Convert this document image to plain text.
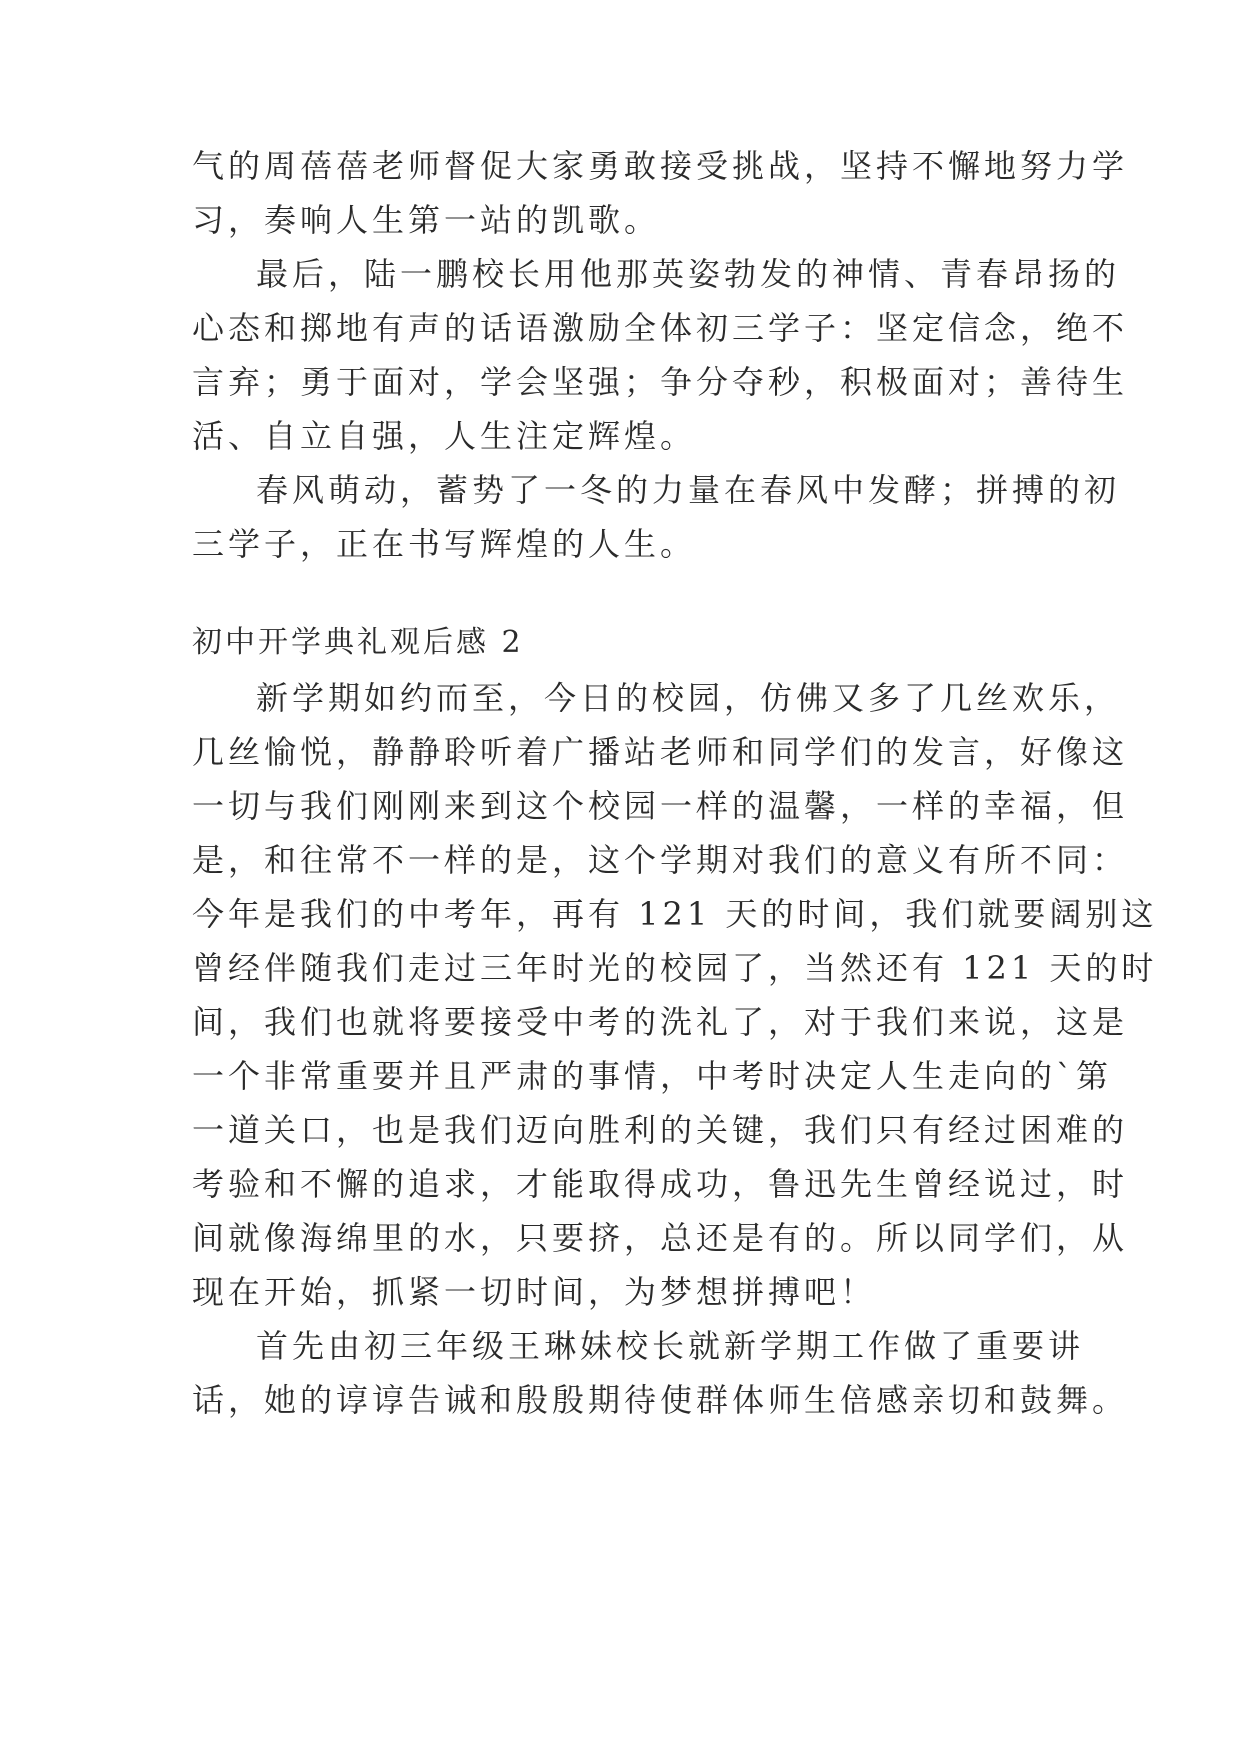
气的周蓓蓓老师督促大家勇敢接受挑战，坚持不懈地努力学
习，奏响人生第一站的凯歌。
最后，陆一鹏校长用他那英姿勃发的神情、青春昂扬的
心态和掷地有声的话语激励全体初三学子：坚定信念，绝不
言弃；勇于面对，学会坚强；争分夺秒，积极面对；善待生
活、自立自强，人生注定辉煌。
春风萌动，蓄势了一冬的力量在春风中发酵；拼搏的初
三学子，正在书写辉煌的人生。
初中开学典礼观后感 2
新学期如约而至，今日的校园，仿佛又多了几丝欢乐，
几丝愉悦，静静聆听着广播站老师和同学们的发言，好像这
一切与我们刚刚来到这个校园一样的温馨，一样的幸福，但
是，和往常不一样的是，这个学期对我们的意义有所不同：
今年是我们的中考年，再有 121 天的时间，我们就要阔别这
曾经伴随我们走过三年时光的校园了，当然还有 121 天的时
间，我们也就将要接受中考的洗礼了，对于我们来说，这是
一个非常重要并且严肃的事情，中考时决定人生走向的`第
一道关口，也是我们迈向胜利的关键，我们只有经过困难的
考验和不懈的追求，才能取得成功，鲁迅先生曾经说过，时
间就像海绵里的水，只要挤，总还是有的。所以同学们，从
现在开始，抓紧一切时间，为梦想拼搏吧！
首先由初三年级王琳妹校长就新学期工作做了重要讲
话，她的谆谆告诫和殷殷期待使群体师生倍感亲切和鼓舞。
